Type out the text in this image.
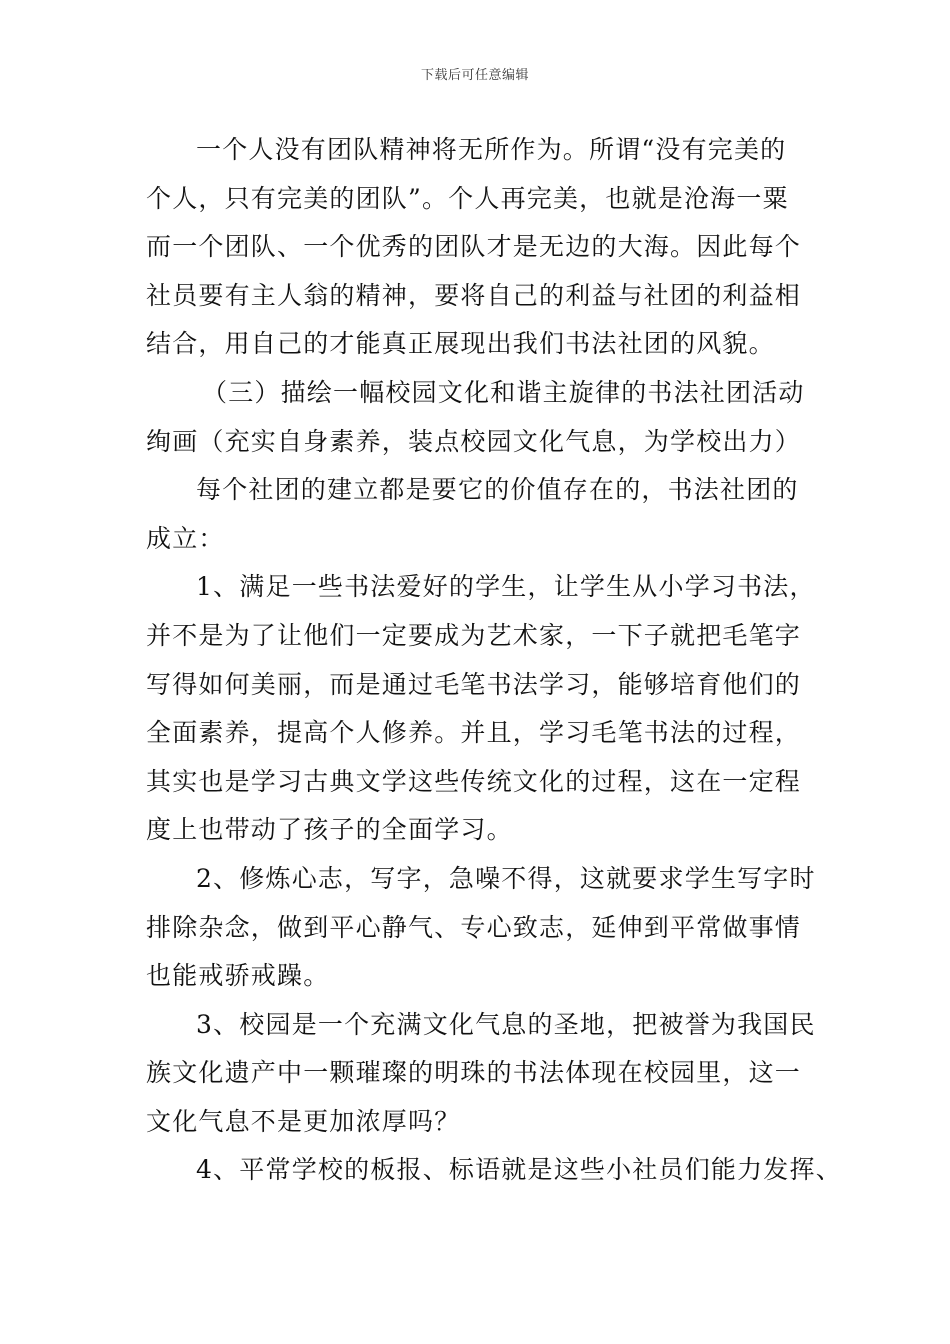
下载后可任意编辑
一个人没有团队精神将无所作为。所谓“没有完美的
个人，只有完美的团队”。个人再完美，也就是沧海一粟
而一个团队、一个优秀的团队才是无边的大海。因此每个
社员要有主人翁的精神，要将自己的利益与社团的利益相
结合，用自己的才能真正展现出我们书法社团的风貌。
（三）描绘一幅校园文化和谐主旋律的书法社团活动
绚画（充实自身素养，装点校园文化气息，为学校出力）
每个社团的建立都是要它的价值存在的，书法社团的
成立：
1、满足一些书法爱好的学生，让学生从小学习书法，
并不是为了让他们一定要成为艺术家，一下子就把毛笔字
写得如何美丽，而是通过毛笔书法学习，能够培育他们的
全面素养，提高个人修养。并且，学习毛笔书法的过程，
其实也是学习古典文学这些传统文化的过程，这在一定程
度上也带动了孩子的全面学习。
2、修炼心志，写字，急噪不得，这就要求学生写字时
排除杂念，做到平心静气、专心致志，延伸到平常做事情
也能戒骄戒躁。
3、校园是一个充满文化气息的圣地，把被誉为我国民
族文化遗产中一颗璀璨的明珠的书法体现在校园里，这一
文化气息不是更加浓厚吗？
4、平常学校的板报、标语就是这些小社员们能力发挥、
